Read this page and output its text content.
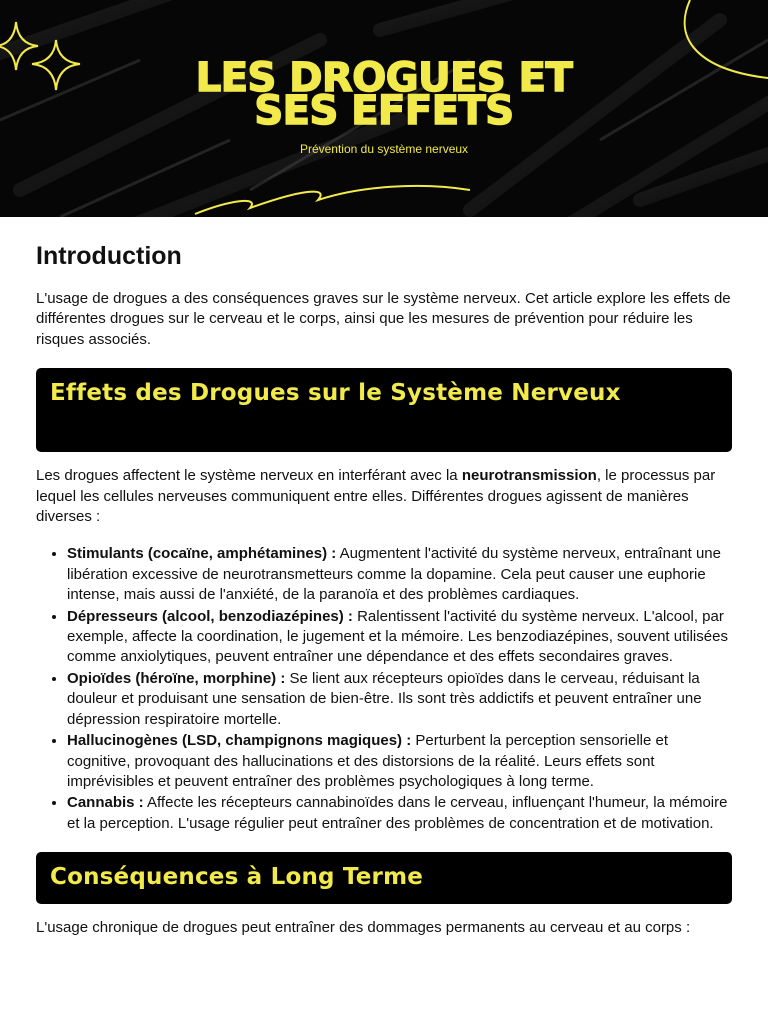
LES DROGUES ET
SES EFFETS
Prévention du système nerveux
Introduction

L'usage de drogues a des conséquences graves sur le système nerveux. Cet article explore les effets de différentes drogues sur le cerveau et le corps, ainsi que les mesures de prévention pour réduire les risques associés.

Effets des Drogues sur le Système Nerveux

Les drogues affectent le système nerveux en interférant avec la neurotransmission, le processus par lequel les cellules nerveuses communiquent entre elles. Différentes drogues agissent de manières diverses :

• Stimulants (cocaïne, amphétamines) : Augmentent l'activité du système nerveux, entraînant une libération excessive de neurotransmetteurs comme la dopamine. Cela peut causer une euphorie intense, mais aussi de l'anxiété, de la paranoïa et des problèmes cardiaques.
• Dépresseurs (alcool, benzodiazépines) : Ralentissent l'activité du système nerveux. L'alcool, par exemple, affecte la coordination, le jugement et la mémoire. Les benzodiazépines, souvent utilisées comme anxiolytiques, peuvent entraîner une dépendance et des effets secondaires graves.
• Opioïdes (héroïne, morphine) : Se lient aux récepteurs opioïdes dans le cerveau, réduisant la douleur et produisant une sensation de bien-être. Ils sont très addictifs et peuvent entraîner une dépression respiratoire mortelle.
• Hallucinogènes (LSD, champignons magiques) : Perturbent la perception sensorielle et cognitive, provoquant des hallucinations et des distorsions de la réalité. Leurs effets sont imprévisibles et peuvent entraîner des problèmes psychologiques à long terme.
• Cannabis : Affecte les récepteurs cannabinoïdes dans le cerveau, influençant l'humeur, la mémoire et la perception. L'usage régulier peut entraîner des problèmes de concentration et de motivation.
Conséquences à Long Terme

L'usage chronique de drogues peut entraîner des dommages permanents au cerveau et au corps :
